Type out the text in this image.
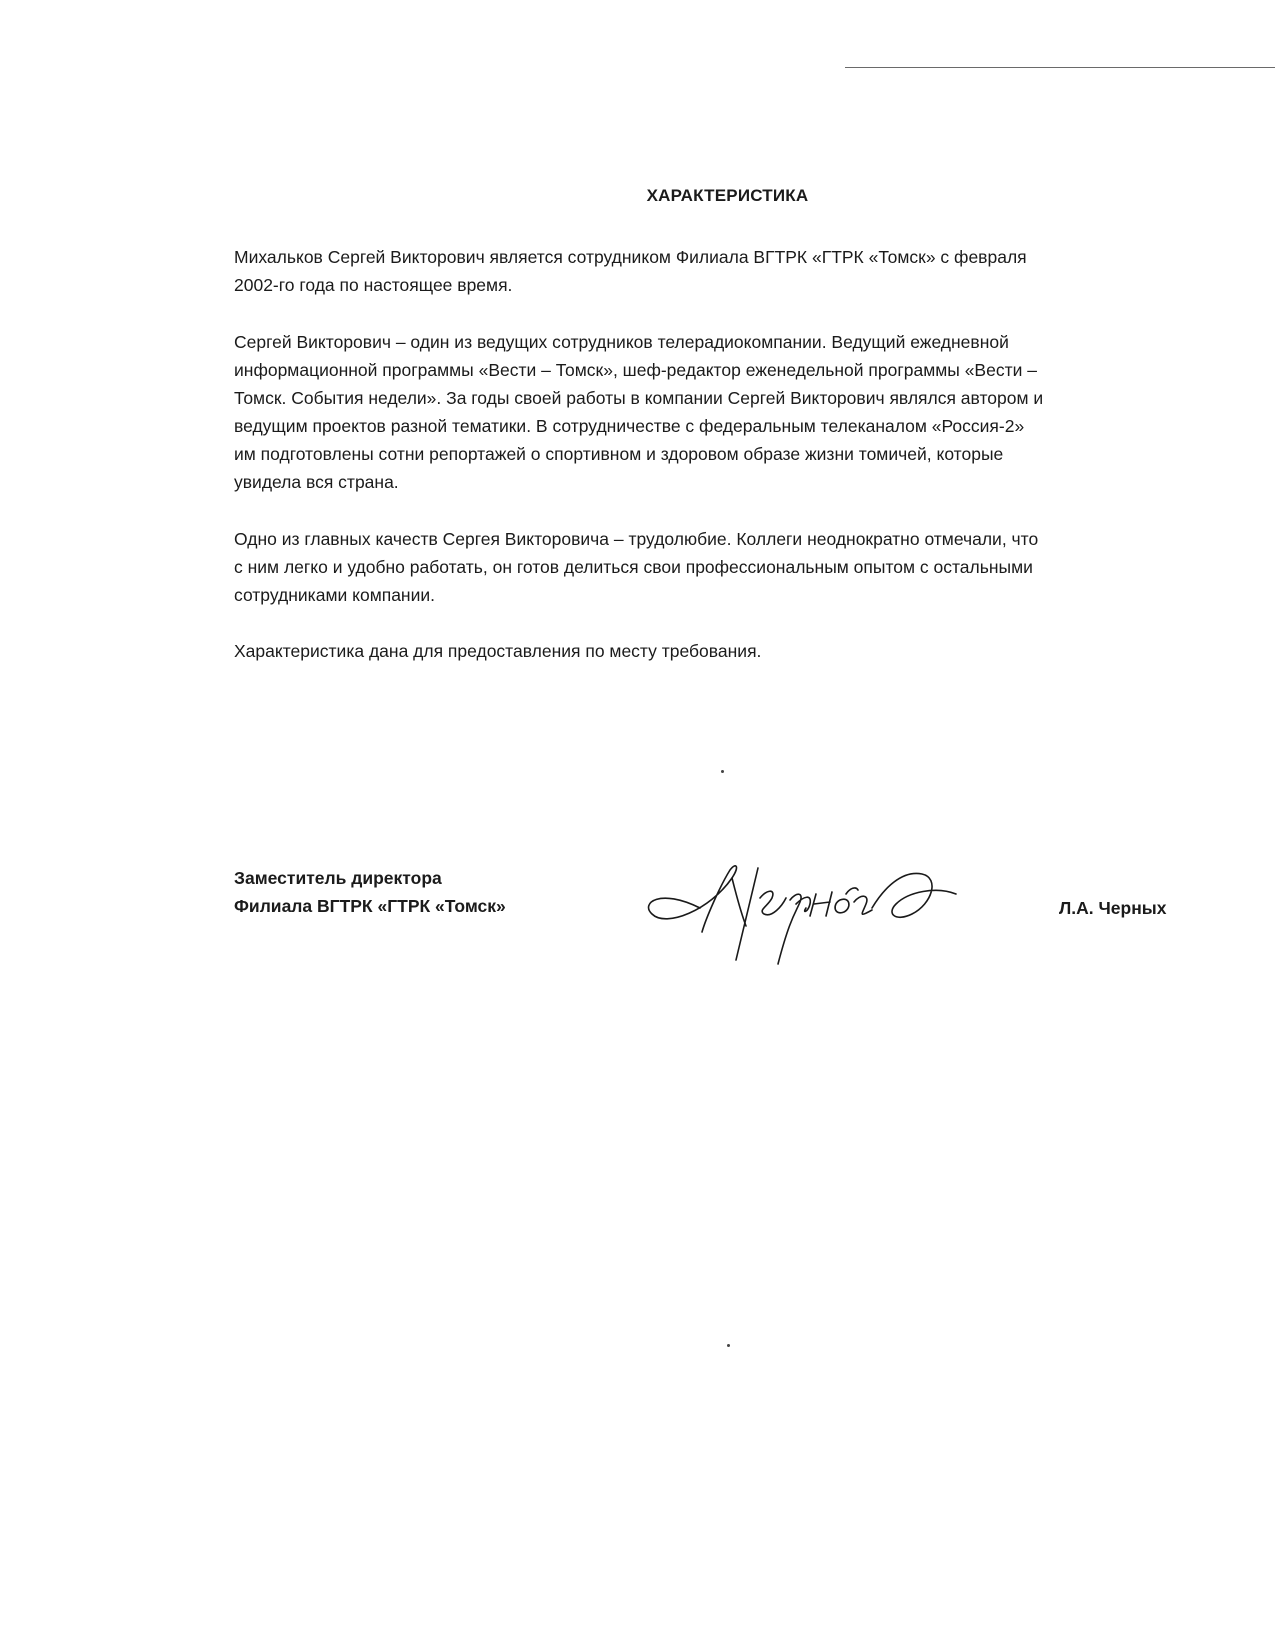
ХАРАКТЕРИСТИКА

Михальков Сергей Викторович является сотрудником Филиала ВГТРК «ГТРК «Томск» с февраля
2002-го года по настоящее время.

Сергей Викторович – один из ведущих сотрудников телерадиокомпании. Ведущий ежедневной
информационной программы «Вести – Томск», шеф-редактор еженедельной программы «Вести –
Томск. События недели». За годы своей работы в компании Сергей Викторович являлся автором и
ведущим проектов разной тематики. В сотрудничестве с федеральным телеканалом «Россия-2»
им подготовлены сотни репортажей о спортивном и здоровом образе жизни томичей, которые
увидела вся страна.

Одно из главных качеств Сергея Викторовича – трудолюбие. Коллеги неоднократно отмечали, что
с ним легко и удобно работать, он готов делиться свои профессиональным опытом с остальными
сотрудниками компании.

Характеристика дана для предоставления по месту требования.

Заместитель директора
Филиала ВГТРК «ГТРК «Томск»	Л.А. Черных
